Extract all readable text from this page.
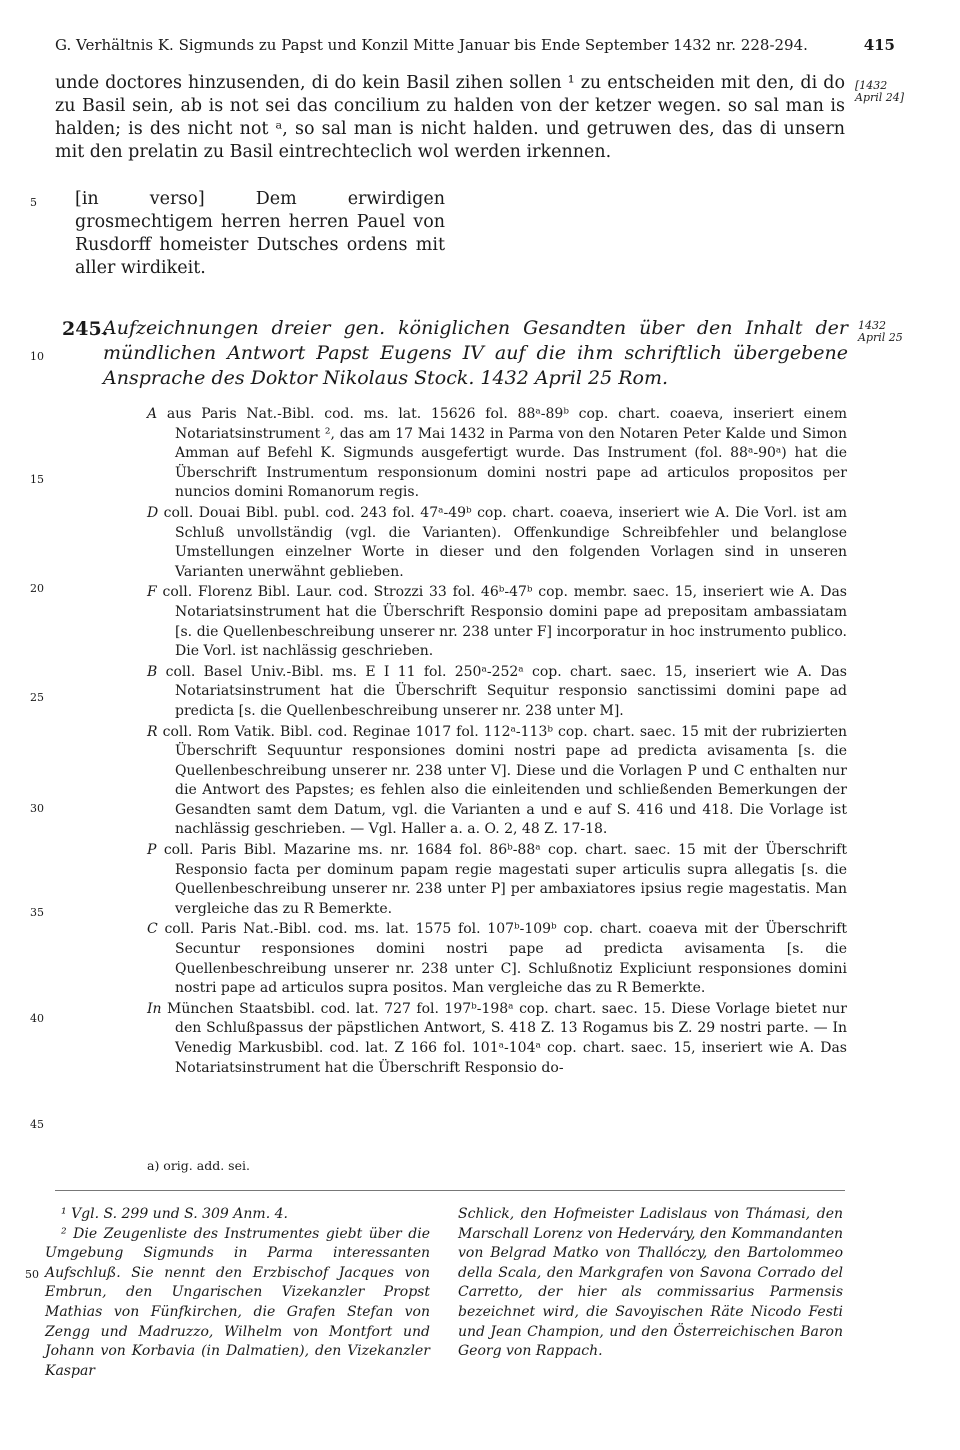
G. Verhältnis K. Sigmunds zu Papst und Konzil Mitte Januar bis Ende September 1432 nr. 228-294.	415

unde doctores hinzusenden, di do kein Basil zihen sollen ¹ zu entscheiden mit den, di do zu Basil sein, ab is not sei das concilium zu halden von der ketzer wegen. so sal man is halden; is des nicht not ᵃ, so sal man is nicht halden. und getruwen des, das di unsern mit den prelatin zu Basil eintrechteclich wol werden irkennen.

[1432 April 24]
[in verso] Dem erwirdigen grosmechtigem herren herren Pauel von Rusdorff homeister Dutsches ordens mit aller wirdikeit.
5
10
15
20
25
30
35
40
45
50
245.
Aufzeichnungen dreier gen. königlichen Gesandten über den Inhalt der mündlichen Antwort Papst Eugens IV auf die ihm schriftlich übergebene Ansprache des Doktor Nikolaus Stock. 1432 April 25 Rom.
1432 April 25

A aus Paris Nat.-Bibl. cod. ms. lat. 15626 fol. 88ᵃ-89ᵇ cop. chart. coaeva, inseriert einem Notariatsinstrument ², das am 17 Mai 1432 in Parma von den Notaren Peter Kalde und Simon Amman auf Befehl K. Sigmunds ausgefertigt wurde. Das Instrument (fol. 88ᵃ-90ᵃ) hat die Überschrift Instrumentum responsionum domini nostri pape ad articulos propositos per nuncios domini Romanorum regis.

D coll. Douai Bibl. publ. cod. 243 fol. 47ᵃ-49ᵇ cop. chart. coaeva, inseriert wie A. Die Vorl. ist am Schluß unvollständig (vgl. die Varianten). Offenkundige Schreibfehler und belanglose Umstellungen einzelner Worte in dieser und den folgenden Vorlagen sind in unseren Varianten unerwähnt geblieben.

F coll. Florenz Bibl. Laur. cod. Strozzi 33 fol. 46ᵇ-47ᵇ cop. membr. saec. 15, inseriert wie A. Das Notariatsinstrument hat die Überschrift Responsio domini pape ad prepositam ambassiatam [s. die Quellenbeschreibung unserer nr. 238 unter F] incorporatur in hoc instrumento publico. Die Vorl. ist nachlässig geschrieben.

B coll. Basel Univ.-Bibl. ms. E I 11 fol. 250ᵃ-252ᵃ cop. chart. saec. 15, inseriert wie A. Das Notariatsinstrument hat die Überschrift Sequitur responsio sanctissimi domini pape ad predicta [s. die Quellenbeschreibung unserer nr. 238 unter M].

R coll. Rom Vatik. Bibl. cod. Reginae 1017 fol. 112ᵃ-113ᵇ cop. chart. saec. 15 mit der rubrizierten Überschrift Sequuntur responsiones domini nostri pape ad predicta avisamenta [s. die Quellenbeschreibung unserer nr. 238 unter V]. Diese und die Vorlagen P und C enthalten nur die Antwort des Papstes; es fehlen also die einleitenden und schließenden Bemerkungen der Gesandten samt dem Datum, vgl. die Varianten a und e auf S. 416 und 418. Die Vorlage ist nachlässig geschrieben. — Vgl. Haller a. a. O. 2, 48 Z. 17-18.

P coll. Paris Bibl. Mazarine ms. nr. 1684 fol. 86ᵇ-88ᵃ cop. chart. saec. 15 mit der Überschrift Responsio facta per dominum papam regie magestati super articulis supra allegatis [s. die Quellenbeschreibung unserer nr. 238 unter P] per ambaxiatores ipsius regie magestatis. Man vergleiche das zu R Bemerkte.

C coll. Paris Nat.-Bibl. cod. ms. lat. 1575 fol. 107ᵇ-109ᵇ cop. chart. coaeva mit der Überschrift Secuntur responsiones domini nostri pape ad predicta avisamenta [s. die Quellenbeschreibung unserer nr. 238 unter C]. Schlußnotiz Expliciunt responsiones domini nostri pape ad articulos supra positos. Man vergleiche das zu R Bemerkte.

In München Staatsbibl. cod. lat. 727 fol. 197ᵇ-198ᵃ cop. chart. saec. 15. Diese Vorlage bietet nur den Schlußpassus der päpstlichen Antwort, S. 418 Z. 13 Rogamus bis Z. 29 nostri parte. — In Venedig Markusbibl. cod. lat. Z 166 fol. 101ᵃ-104ᵃ cop. chart. saec. 15, inseriert wie A. Das Notariatsinstrument hat die Überschrift Responsio do-

a) orig. add. sei.

¹ Vgl. S. 299 und S. 309 Anm. 4.

² Die Zeugenliste des Instrumentes giebt über die Umgebung Sigmunds in Parma interessanten Aufschluß. Sie nennt den Erzbischof Jacques von Embrun, den Ungarischen Vizekanzler Propst Mathias von Fünfkirchen, die Grafen Stefan von Zengg und Madruzzo, Wilhelm von Montfort und Johann von Korbavia (in Dalmatien), den Vizekanzler Kaspar

Schlick, den Hofmeister Ladislaus von Thámasi, den Marschall Lorenz von Hederváry, den Kommandanten von Belgrad Matko von Thallóczy, den Bartolommeo della Scala, den Markgrafen von Savona Corrado del Carretto, der hier als commissarius Parmensis bezeichnet wird, die Savoyischen Räte Nicodo Festi und Jean Champion, und den Österreichischen Baron Georg von Rappach.
